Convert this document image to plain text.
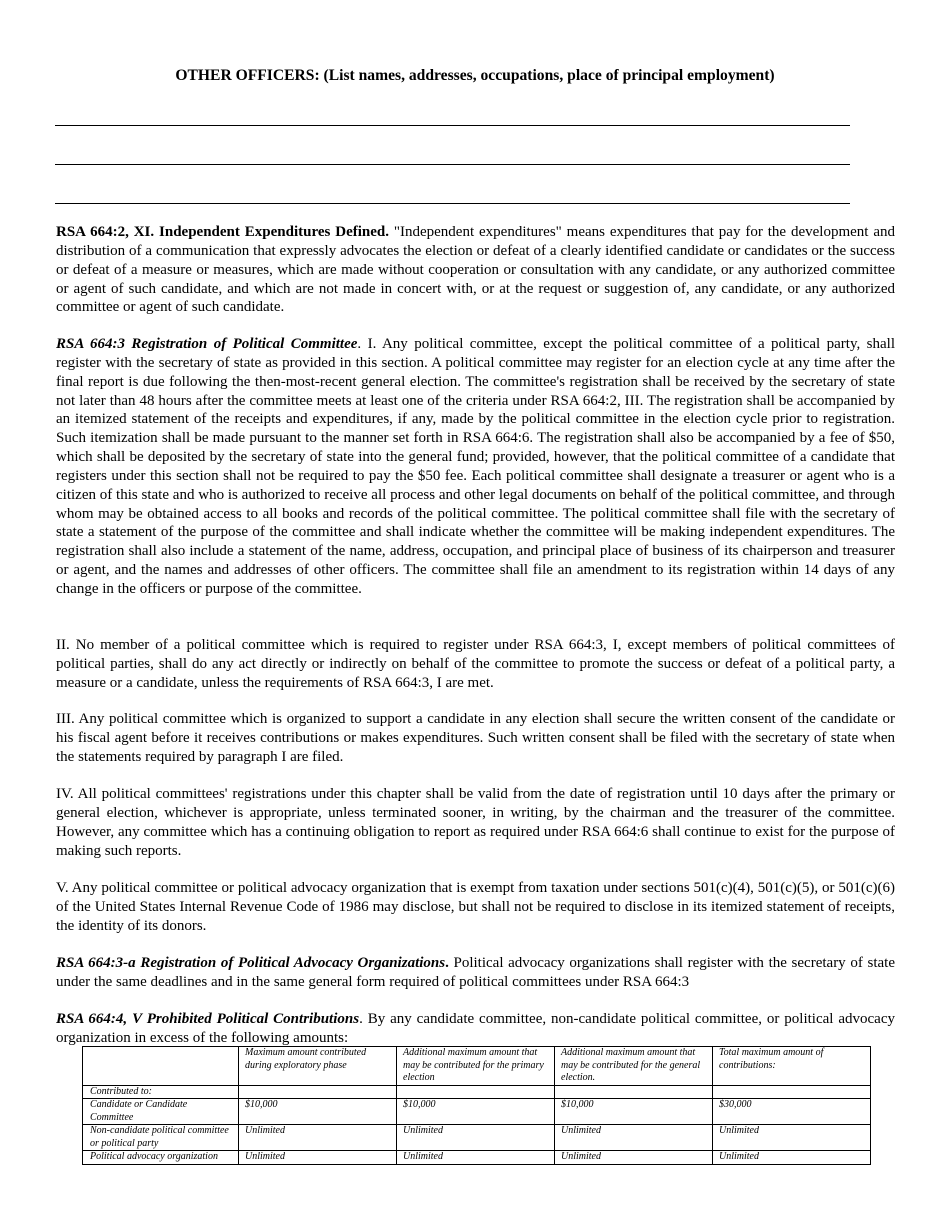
OTHER OFFICERS: (List names, addresses, occupations, place of principal employment)

RSA 664:2, XI. Independent Expenditures Defined. "Independent expenditures" means expenditures that pay for the development and distribution of a communication that expressly advocates the election or defeat of a clearly identified candidate or candidates or the success or defeat of a measure or measures, which are made without cooperation or consultation with any candidate, or any authorized committee or agent of such candidate, and which are not made in concert with, or at the request or suggestion of, any candidate, or any authorized committee or agent of such candidate.

RSA 664:3 Registration of Political Committee. I. Any political committee, except the political committee of a political party, shall register with the secretary of state as provided in this section. A political committee may register for an election cycle at any time after the final report is due following the then-most-recent general election. The committee's registration shall be received by the secretary of state not later than 48 hours after the committee meets at least one of the criteria under RSA 664:2, III. The registration shall be accompanied by an itemized statement of the receipts and expenditures, if any, made by the political committee in the election cycle prior to registration. Such itemization shall be made pursuant to the manner set forth in RSA 664:6. The registration shall also be accompanied by a fee of $50, which shall be deposited by the secretary of state into the general fund; provided, however, that the political committee of a candidate that registers under this section shall not be required to pay the $50 fee. Each political committee shall designate a treasurer or agent who is a citizen of this state and who is authorized to receive all process and other legal documents on behalf of the political committee, and through whom may be obtained access to all books and records of the political committee. The political committee shall file with the secretary of state a statement of the purpose of the committee and shall indicate whether the committee will be making independent expenditures. The registration shall also include a statement of the name, address, occupation, and principal place of business of its chairperson and treasurer or agent, and the names and addresses of other officers. The committee shall file an amendment to its registration within 14 days of any change in the officers or purpose of the committee.

II. No member of a political committee which is required to register under RSA 664:3, I, except members of political committees of political parties, shall do any act directly or indirectly on behalf of the committee to promote the success or defeat of a political party, a measure or a candidate, unless the requirements of RSA 664:3, I are met.

III. Any political committee which is organized to support a candidate in any election shall secure the written consent of the candidate or his fiscal agent before it receives contributions or makes expenditures. Such written consent shall be filed with the secretary of state when the statements required by paragraph I are filed.

IV. All political committees' registrations under this chapter shall be valid from the date of registration until 10 days after the primary or general election, whichever is appropriate, unless terminated sooner, in writing, by the chairman and the treasurer of the committee. However, any committee which has a continuing obligation to report as required under RSA 664:6 shall continue to exist for the purpose of making such reports.

V. Any political committee or political advocacy organization that is exempt from taxation under sections 501(c)(4), 501(c)(5), or 501(c)(6) of the United States Internal Revenue Code of 1986 may disclose, but shall not be required to disclose in its itemized statement of receipts, the identity of its donors.

RSA 664:3-a Registration of Political Advocacy Organizations. Political advocacy organizations shall register with the secretary of state under the same deadlines and in the same general form required of political committees under RSA 664:3

RSA 664:4, V Prohibited Political Contributions. By any candidate committee, non-candidate political committee, or political advocacy organization in excess of the following amounts:

	Maximum amount contributed during exploratory phase	Additional maximum amount that may be contributed for the primary election	Additional maximum amount that may be contributed for the general election.	Total maximum amount of contributions:
Contributed to:				
Candidate or Candidate Committee	$10,000	$10,000	$10,000	$30,000
Non-candidate political committee or political party	Unlimited	Unlimited	Unlimited	Unlimited
Political advocacy organization	Unlimited	Unlimited	Unlimited	Unlimited
